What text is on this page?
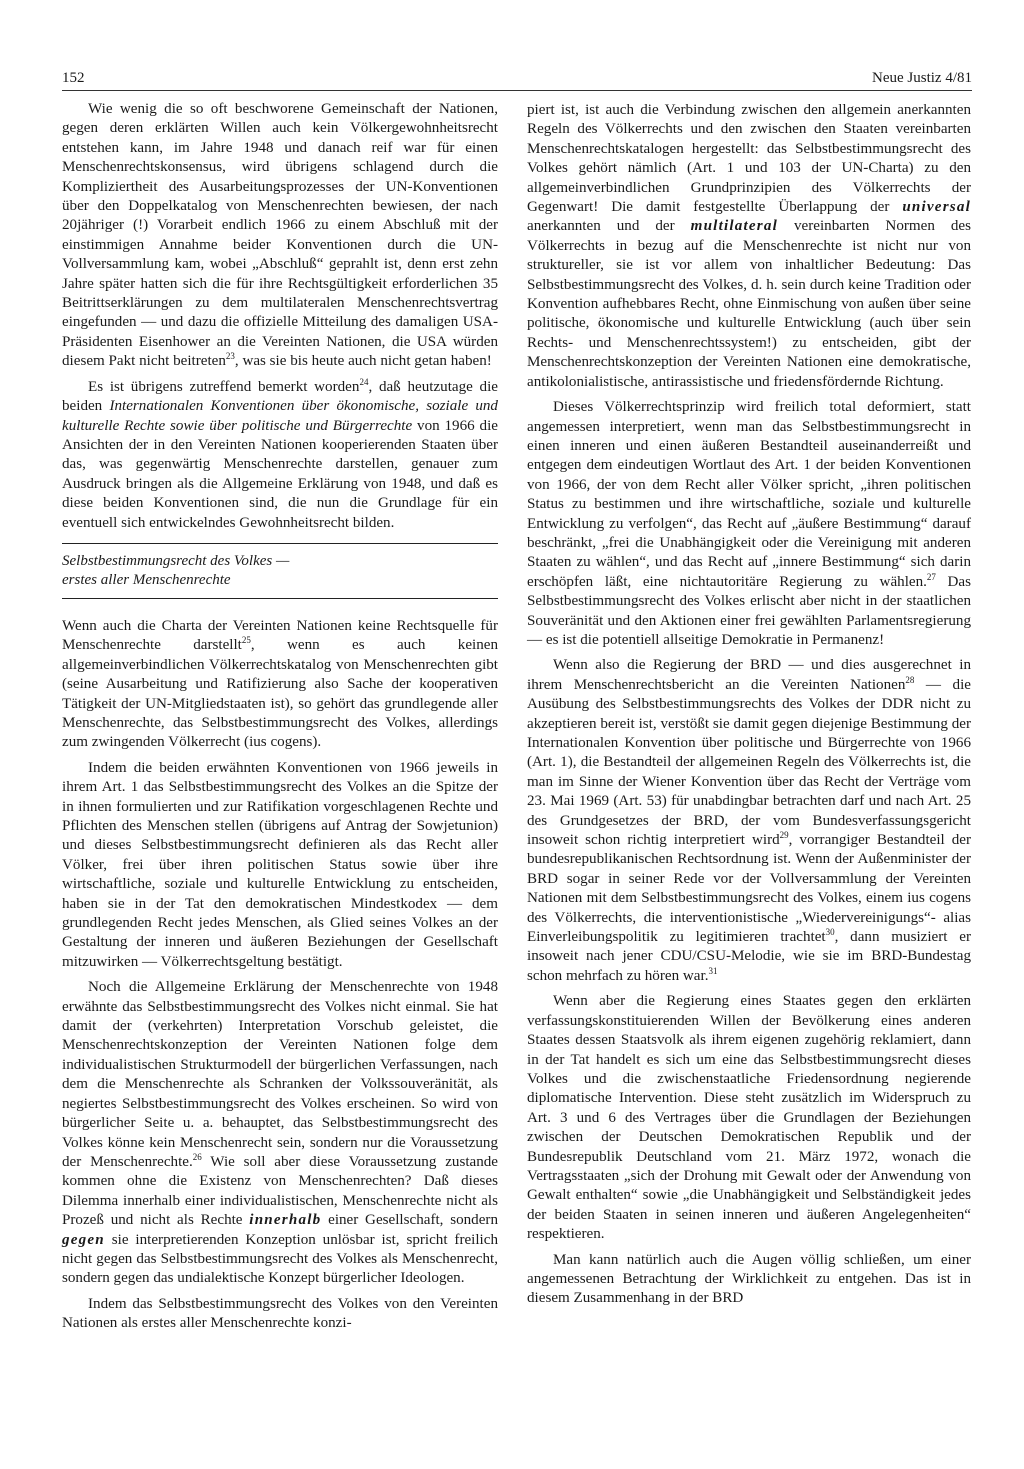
152	Neue Justiz 4/81

Wie wenig die so oft beschworene Gemeinschaft der Nationen, gegen deren erklärten Willen auch kein Völkergewohnheitsrecht entstehen kann, im Jahre 1948 und danach reif war für einen Menschenrechtskonsensus, wird übrigens schlagend durch die Kompliziertheit des Ausarbeitungsprozesses der UN-Konventionen über den Doppelkatalog von Menschenrechten bewiesen, der nach 20jähriger (!) Vorarbeit endlich 1966 zu einem Abschluß mit der einstimmigen Annahme beider Konventionen durch die UN-Vollversammlung kam, wobei „Abschluß“ geprahlt ist, denn erst zehn Jahre später hatten sich die für ihre Rechtsgültigkeit erforderlichen 35 Beitrittserklärungen zu dem multilateralen Menschenrechtsvertrag eingefunden — und dazu die offizielle Mitteilung des damaligen USA-Präsidenten Eisenhower an die Vereinten Nationen, die USA würden diesem Pakt nicht beitreten$^{23}$, was sie bis heute auch nicht getan haben!

Es ist übrigens zutreffend bemerkt worden$^{24}$, daß heutzutage die beiden Internationalen Konventionen über ökonomische, soziale und kulturelle Rechte sowie über politische und Bürgerrechte von 1966 die Ansichten der in den Vereinten Nationen kooperierenden Staaten über das, was gegenwärtig Menschenrechte darstellen, genauer zum Ausdruck bringen als die Allgemeine Erklärung von 1948, und daß es diese beiden Konventionen sind, die nun die Grundlage für ein eventuell sich entwickelndes Gewohnheitsrecht bilden.

Selbstbestimmungsrecht des Volkes —
erstes aller Menschenrechte

Wenn auch die Charta der Vereinten Nationen keine Rechtsquelle für Menschenrechte darstellt$^{25}$, wenn es auch keinen allgemeinverbindlichen Völkerrechtskatalog von Menschenrechten gibt (seine Ausarbeitung und Ratifizierung also Sache der kooperativen Tätigkeit der UN-Mitgliedstaaten ist), so gehört das grundlegende aller Menschenrechte, das Selbstbestimmungsrecht des Volkes, allerdings zum zwingenden Völkerrecht (ius cogens).

Indem die beiden erwähnten Konventionen von 1966 jeweils in ihrem Art. 1 das Selbstbestimmungsrecht des Volkes an die Spitze der in ihnen formulierten und zur Ratifikation vorgeschlagenen Rechte und Pflichten des Menschen stellen (übrigens auf Antrag der Sowjetunion) und dieses Selbstbestimmungsrecht definieren als das Recht aller Völker, frei über ihren politischen Status sowie über ihre wirtschaftliche, soziale und kulturelle Entwicklung zu entscheiden, haben sie in der Tat den demokratischen Mindestkodex — dem grundlegenden Recht jedes Menschen, als Glied seines Volkes an der Gestaltung der inneren und äußeren Beziehungen der Gesellschaft mitzuwirken — Völkerrechtsgeltung bestätigt.

Noch die Allgemeine Erklärung der Menschenrechte von 1948 erwähnte das Selbstbestimmungsrecht des Volkes nicht einmal. Sie hat damit der (verkehrten) Interpretation Vorschub geleistet, die Menschenrechtskonzeption der Vereinten Nationen folge dem individualistischen Strukturmodell der bürgerlichen Verfassungen, nach dem die Menschenrechte als Schranken der Volkssouveränität, als negiertes Selbstbestimmungsrecht des Volkes erscheinen. So wird von bürgerlicher Seite u. a. behauptet, das Selbstbestimmungsrecht des Volkes könne kein Menschenrecht sein, sondern nur die Voraussetzung der Menschenrechte.$^{26}$ Wie soll aber diese Voraussetzung zustande kommen ohne die Existenz von Menschenrechten? Daß dieses Dilemma innerhalb einer individualistischen, Menschenrechte nicht als Prozeß und nicht als Rechte innerhalb einer Gesellschaft, sondern gegen sie interpretierenden Konzeption unlösbar ist, spricht freilich nicht gegen das Selbstbestimmungsrecht des Volkes als Menschenrecht, sondern gegen das undialektische Konzept bürgerlicher Ideologen.

Indem das Selbstbestimmungsrecht des Volkes von den Vereinten Nationen als erstes aller Menschenrechte konzi-

piert ist, ist auch die Verbindung zwischen den allgemein anerkannten Regeln des Völkerrechts und den zwischen den Staaten vereinbarten Menschenrechtskatalogen hergestellt: das Selbstbestimmungsrecht des Volkes gehört nämlich (Art. 1 und 103 der UN-Charta) zu den allgemeinverbindlichen Grundprinzipien des Völkerrechts der Gegenwart! Die damit festgestellte Überlappung der universal anerkannten und der multilateral vereinbarten Normen des Völkerrechts in bezug auf die Menschenrechte ist nicht nur von struktureller, sie ist vor allem von inhaltlicher Bedeutung: Das Selbstbestimmungsrecht des Volkes, d. h. sein durch keine Tradition oder Konvention aufhebbares Recht, ohne Einmischung von außen über seine politische, ökonomische und kulturelle Entwicklung (auch über sein Rechts- und Menschenrechtssystem!) zu entscheiden, gibt der Menschenrechtskonzeption der Vereinten Nationen eine demokratische, antikolonialistische, antirassistische und friedensfördernde Richtung.

Dieses Völkerrechtsprinzip wird freilich total deformiert, statt angemessen interpretiert, wenn man das Selbstbestimmungsrecht in einen inneren und einen äußeren Bestandteil auseinanderreißt und entgegen dem eindeutigen Wortlaut des Art. 1 der beiden Konventionen von 1966, der von dem Recht aller Völker spricht, „ihren politischen Status zu bestimmen und ihre wirtschaftliche, soziale und kulturelle Entwicklung zu verfolgen“, das Recht auf „äußere Bestimmung“ darauf beschränkt, „frei die Unabhängigkeit oder die Vereinigung mit anderen Staaten zu wählen“, und das Recht auf „innere Bestimmung“ sich darin erschöpfen läßt, eine nichtautoritäre Regierung zu wählen.$^{27}$ Das Selbstbestimmungsrecht des Volkes erlischt aber nicht in der staatlichen Souveränität und den Aktionen einer frei gewählten Parlamentsregierung — es ist die potentiell allseitige Demokratie in Permanenz!

Wenn also die Regierung der BRD — und dies ausgerechnet in ihrem Menschenrechtsbericht an die Vereinten Nationen$^{28}$ — die Ausübung des Selbstbestimmungsrechts des Volkes der DDR nicht zu akzeptieren bereit ist, verstößt sie damit gegen diejenige Bestimmung der Internationalen Konvention über politische und Bürgerrechte von 1966 (Art. 1), die Bestandteil der allgemeinen Regeln des Völkerrechts ist, die man im Sinne der Wiener Konvention über das Recht der Verträge vom 23. Mai 1969 (Art. 53) für unabdingbar betrachten darf und nach Art. 25 des Grundgesetzes der BRD, der vom Bundesverfassungsgericht insoweit schon richtig interpretiert wird$^{29}$, vorrangiger Bestandteil der bundesrepublikanischen Rechtsordnung ist. Wenn der Außenminister der BRD sogar in seiner Rede vor der Vollversammlung der Vereinten Nationen mit dem Selbstbestimmungsrecht des Volkes, einem ius cogens des Völkerrechts, die interventionistische „Wiedervereinigungs“- alias Einverleibungspolitik zu legitimieren trachtet$^{30}$, dann musiziert er insoweit nach jener CDU/CSU-Melodie, wie sie im BRD-Bundestag schon mehrfach zu hören war.$^{31}$

Wenn aber die Regierung eines Staates gegen den erklärten verfassungskonstituierenden Willen der Bevölkerung eines anderen Staates dessen Staatsvolk als ihrem eigenen zugehörig reklamiert, dann in der Tat handelt es sich um eine das Selbstbestimmungsrecht dieses Volkes und die zwischenstaatliche Friedensordnung negierende diplomatische Intervention. Diese steht zusätzlich im Widerspruch zu Art. 3 und 6 des Vertrages über die Grundlagen der Beziehungen zwischen der Deutschen Demokratischen Republik und der Bundesrepublik Deutschland vom 21. März 1972, wonach die Vertragsstaaten „sich der Drohung mit Gewalt oder der Anwendung von Gewalt enthalten“ sowie „die Unabhängigkeit und Selbständigkeit jedes der beiden Staaten in seinen inneren und äußeren Angelegenheiten“ respektieren.

Man kann natürlich auch die Augen völlig schließen, um einer angemessenen Betrachtung der Wirklichkeit zu entgehen. Das ist in diesem Zusammenhang in der BRD
